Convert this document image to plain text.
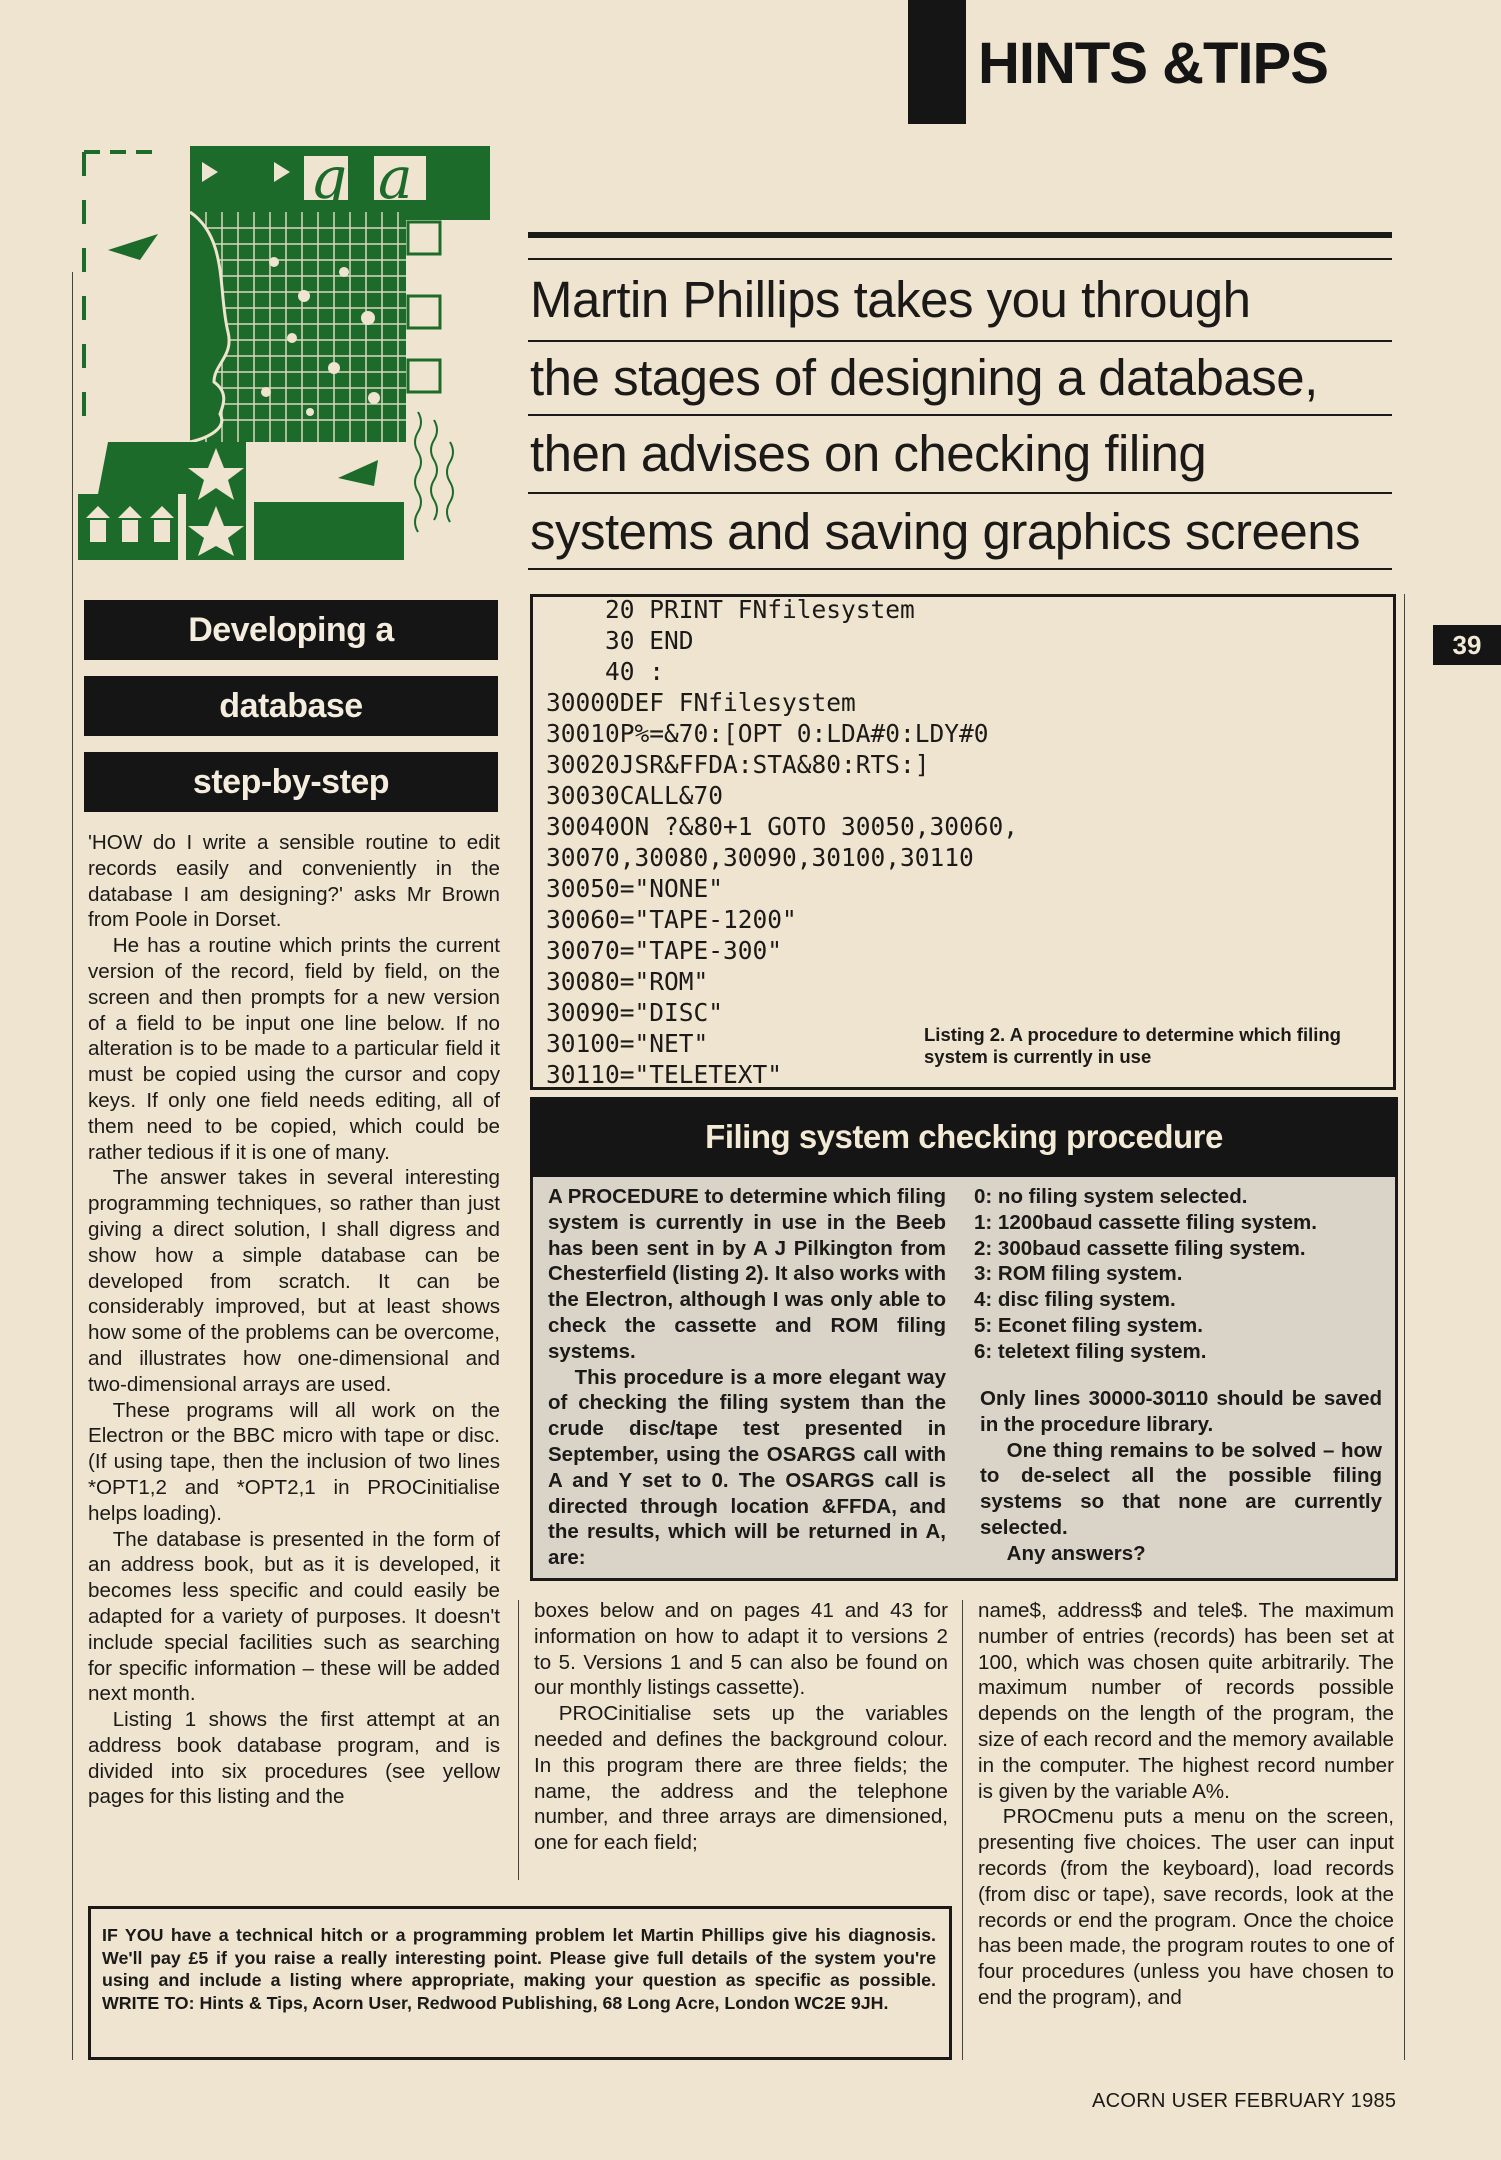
HINTS &TIPS
39
q a
Martin Phillips takes you through
the stages of designing a database,
then advises on checking filing
systems and saving graphics screens
Developing a
database
step-by-step

'HOW do I write a sensible routine to edit records easily and conveniently in the database I am designing?' asks Mr Brown from Poole in Dorset.

He has a routine which prints the current version of the record, field by field, on the screen and then prompts for a new version of a field to be input one line below. If no alteration is to be made to a particular field it must be copied using the cursor and copy keys. If only one field needs editing, all of them need to be copied, which could be rather tedious if it is one of many.

The answer takes in several interesting programming techniques, so rather than just giving a direct solution, I shall digress and show how a simple database can be developed from scratch. It can be considerably improved, but at least shows how some of the problems can be overcome, and illustrates how one-dimensional and two-dimensional arrays are used.

These programs will all work on the Electron or the BBC micro with tape or disc. (If using tape, then the inclusion of two lines *OPT1,2 and *OPT2,1 in PROCinitialise helps loading).

The database is presented in the form of an address book, but as it is developed, it becomes less specific and could easily be adapted for a variety of purposes. It doesn't include special facilities such as searching for specific information – these will be added next month.

Listing 1 shows the first attempt at an address book database program, and is divided into six procedures (see yellow pages for this listing and the

20 PRINT FNfilesystem
30 END
40 :
30000DEF FNfilesystem
30010P%=&70:[OPT 0:LDA#0:LDY#0
30020JSR&FFDA:STA&80:RTS:]
30030CALL&70
30040ON ?&80+1 GOTO 30050,30060,
30070,30080,30090,30100,30110
30050="NONE"
30060="TAPE-1200"
30070="TAPE-300"
30080="ROM"
30090="DISC"
30100="NET"
30110="TELETEXT"
Listing 2. A procedure to determine which filing system is currently in use
Filing system checking procedure

A PROCEDURE to determine which filing system is currently in use in the Beeb has been sent in by A J Pilkington from Chesterfield (listing 2). It also works with the Electron, although I was only able to check the cassette and ROM filing systems.

This procedure is a more elegant way of checking the filing system than the crude disc/tape test presented in September, using the OSARGS call with A and Y set to 0. The OSARGS call is directed through location &FFDA, and the results, which will be returned in A, are:

0: no filing system selected.
1: 1200baud cassette filing system.
2: 300baud cassette filing system.
3: ROM filing system.
4: disc filing system.
5: Econet filing system.
6: teletext filing system.

Only lines 30000-30110 should be saved in the procedure library.

One thing remains to be solved – how to de-select all the possible filing systems so that none are currently selected.

Any answers?

boxes below and on pages 41 and 43 for information on how to adapt it to versions 2 to 5. Versions 1 and 5 can also be found on our monthly listings cassette).

PROCinitialise sets up the variables needed and defines the background colour. In this program there are three fields; the name, the address and the telephone number, and three arrays are dimensioned, one for each field;

name$, address$ and tele$. The maximum number of entries (records) has been set at 100, which was chosen quite arbitrarily. The maximum number of records possible depends on the length of the program, the size of each record and the memory available in the computer. The highest record number is given by the variable A%.

PROCmenu puts a menu on the screen, presenting five choices. The user can input records (from the keyboard), load records (from disc or tape), save records, look at the records or end the program. Once the choice has been made, the program routes to one of four procedures (unless you have chosen to end the program), and

IF YOU have a technical hitch or a programming problem let Martin Phillips give his diagnosis. We'll pay £5 if you raise a really interesting point. Please give full details of the system you're using and include a listing where appropriate, making your question as specific as possible. WRITE TO: Hints & Tips, Acorn User, Redwood Publishing, 68 Long Acre, London WC2E 9JH.
ACORN USER FEBRUARY 1985
